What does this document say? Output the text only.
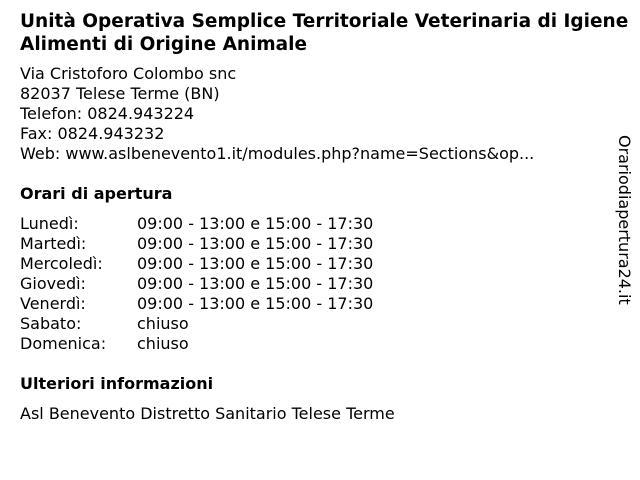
Unità Operativa Semplice Territoriale Veterinaria di Igiene Alimenti di Origine Animale
Via Cristoforo Colombo snc
82037 Telese Terme (BN)
Telefon: 0824.943224
Fax: 0824.943232
Web: www.aslbenevento1.it/modules.php?name=Sections&op...
Orari di apertura
Lunedì:	09:00 - 13:00 e 15:00 - 17:30
Martedì:	09:00 - 13:00 e 15:00 - 17:30
Mercoledì:	09:00 - 13:00 e 15:00 - 17:30
Giovedì:	09:00 - 13:00 e 15:00 - 17:30
Venerdì:	09:00 - 13:00 e 15:00 - 17:30
Sabato:	chiuso
Domenica:	chiuso
Ulteriori informazioni

Asl Benevento Distretto Sanitario Telese Terme

Orariodiapertura24.it
